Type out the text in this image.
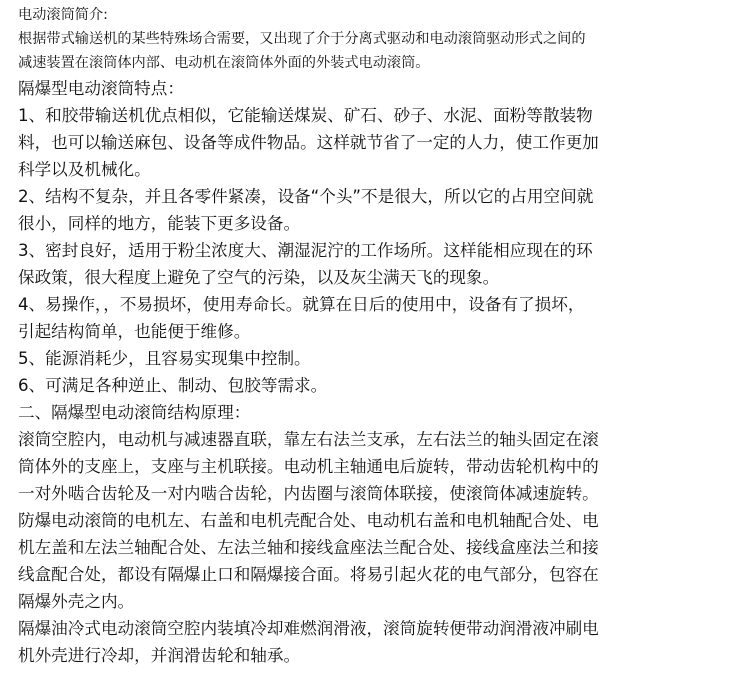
电动滚筒简介:
根据带式输送机的某些特殊场合需要，又出现了介于分离式驱动和电动滚筒驱动形式之间的
减速装置在滚筒体内部、电动机在滚筒体外面的外装式电动滚筒。
隔爆型电动滚筒特点：
1、和胶带输送机优点相似，它能输送煤炭、矿石、砂子、水泥、面粉等散装物
料，也可以输送麻包、设备等成件物品。这样就节省了一定的人力，使工作更加
科学以及机械化。
2、结构不复杂，并且各零件紧凑，设备“个头”不是很大，所以它的占用空间就
很小，同样的地方，能装下更多设备。
3、密封良好，适用于粉尘浓度大、潮湿泥泞的工作场所。这样能相应现在的环
保政策，很大程度上避免了空气的污染，以及灰尘满天飞的现象。
4、易操作，，不易损坏，使用寿命长。就算在日后的使用中，设备有了损坏，
引起结构简单，也能便于维修。
5、能源消耗少，且容易实现集中控制。
6、可满足各种逆止、制动、包胶等需求。
二、隔爆型电动滚筒结构原理：
滚筒空腔内，电动机与减速器直联，靠左右法兰支承，左右法兰的轴头固定在滚
筒体外的支座上，支座与主机联接。电动机主轴通电后旋转，带动齿轮机构中的
一对外啮合齿轮及一对内啮合齿轮，内齿圈与滚筒体联接，使滚筒体减速旋转。
防爆电动滚筒的电机左、右盖和电机壳配合处、电动机右盖和电机轴配合处、电
机左盖和左法兰轴配合处、左法兰轴和接线盒座法兰配合处、接线盒座法兰和接
线盒配合处，都设有隔爆止口和隔爆接合面。将易引起火花的电气部分，包容在
隔爆外壳之内。
隔爆油冷式电动滚筒空腔内装填冷却难燃润滑液，滚筒旋转便带动润滑液冲刷电
机外壳进行冷却，并润滑齿轮和轴承。
